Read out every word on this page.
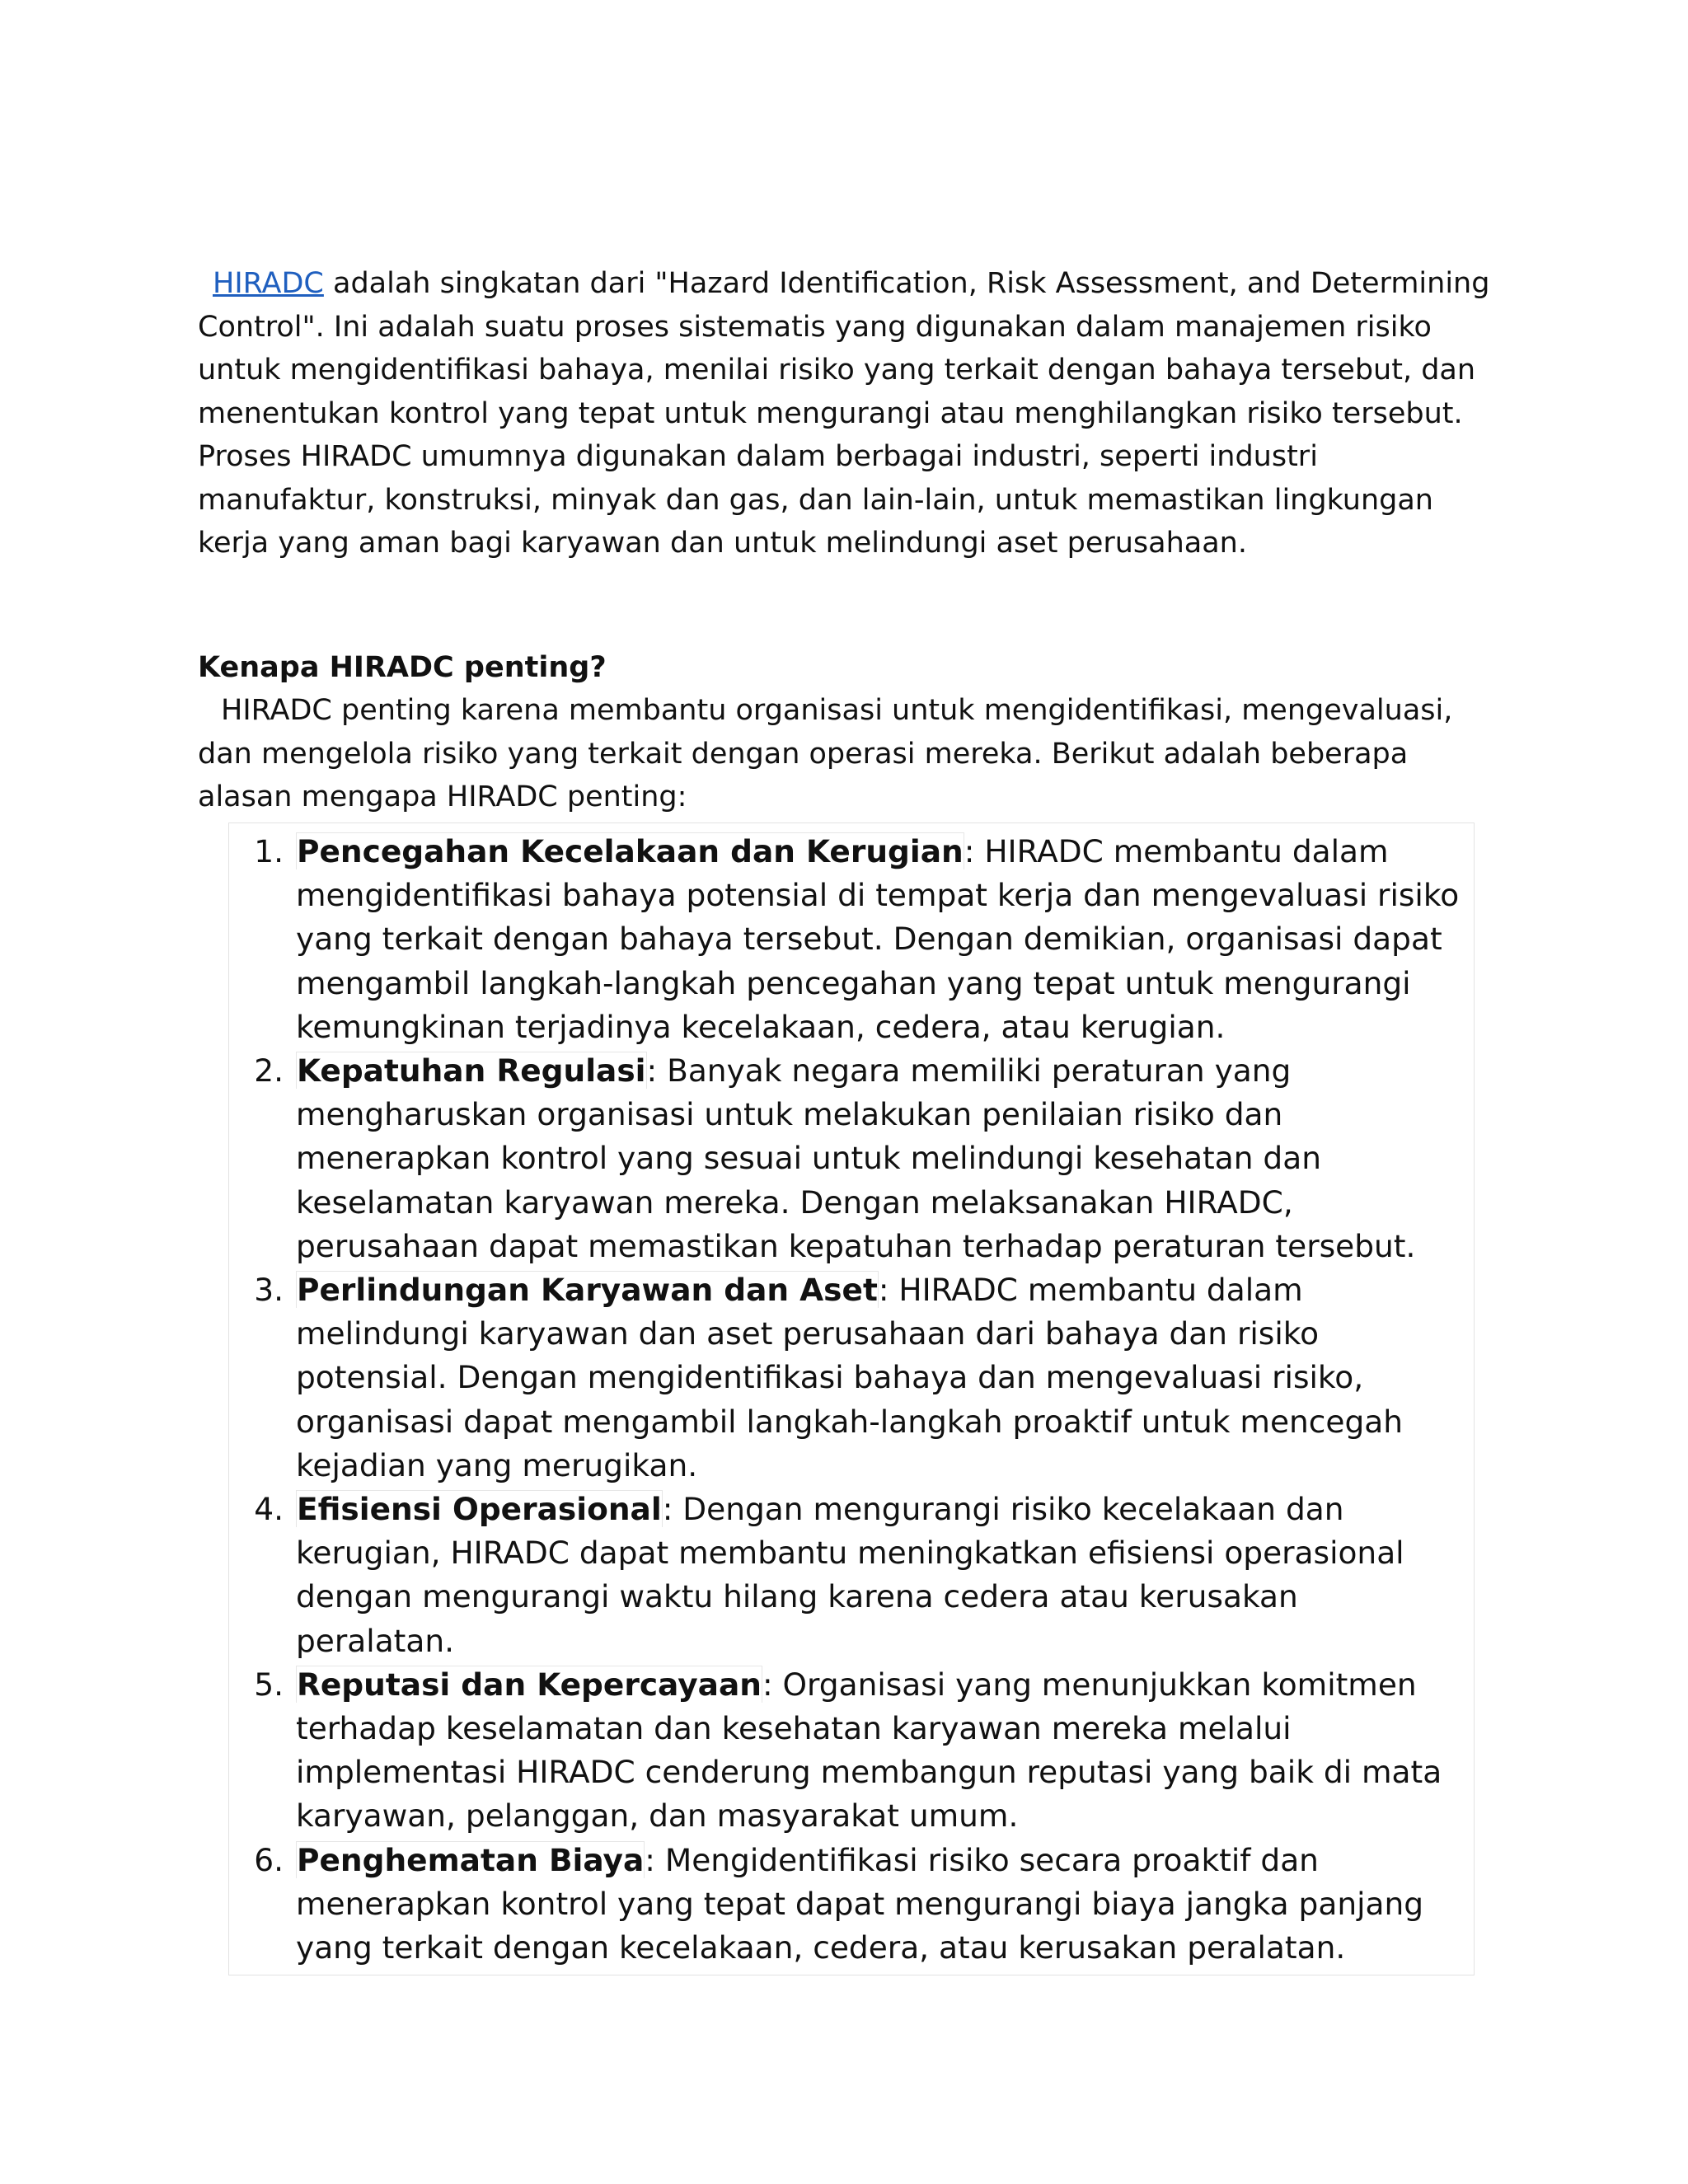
HIRADC adalah singkatan dari "Hazard Identification, Risk Assessment, and Determining Control". Ini adalah suatu proses sistematis yang digunakan dalam manajemen risiko untuk mengidentifikasi bahaya, menilai risiko yang terkait dengan bahaya tersebut, dan menentukan kontrol yang tepat untuk mengurangi atau menghilangkan risiko tersebut. Proses HIRADC umumnya digunakan dalam berbagai industri, seperti industri manufaktur, konstruksi, minyak dan gas, dan lain-lain, untuk memastikan lingkungan kerja yang aman bagi karyawan dan untuk melindungi aset perusahaan.

Kenapa HIRADC penting?

HIRADC penting karena membantu organisasi untuk mengidentifikasi, mengevaluasi, dan mengelola risiko yang terkait dengan operasi mereka. Berikut adalah beberapa alasan mengapa HIRADC penting:

1. Pencegahan Kecelakaan dan Kerugian: HIRADC membantu dalam mengidentifikasi bahaya potensial di tempat kerja dan mengevaluasi risiko yang terkait dengan bahaya tersebut. Dengan demikian, organisasi dapat mengambil langkah-langkah pencegahan yang tepat untuk mengurangi kemungkinan terjadinya kecelakaan, cedera, atau kerugian.
2. Kepatuhan Regulasi: Banyak negara memiliki peraturan yang mengharuskan organisasi untuk melakukan penilaian risiko dan menerapkan kontrol yang sesuai untuk melindungi kesehatan dan keselamatan karyawan mereka. Dengan melaksanakan HIRADC, perusahaan dapat memastikan kepatuhan terhadap peraturan tersebut.
3. Perlindungan Karyawan dan Aset: HIRADC membantu dalam melindungi karyawan dan aset perusahaan dari bahaya dan risiko potensial. Dengan mengidentifikasi bahaya dan mengevaluasi risiko, organisasi dapat mengambil langkah-langkah proaktif untuk mencegah kejadian yang merugikan.
4. Efisiensi Operasional: Dengan mengurangi risiko kecelakaan dan kerugian, HIRADC dapat membantu meningkatkan efisiensi operasional dengan mengurangi waktu hilang karena cedera atau kerusakan peralatan.
5. Reputasi dan Kepercayaan: Organisasi yang menunjukkan komitmen terhadap keselamatan dan kesehatan karyawan mereka melalui implementasi HIRADC cenderung membangun reputasi yang baik di mata karyawan, pelanggan, dan masyarakat umum.
6. Penghematan Biaya: Mengidentifikasi risiko secara proaktif dan menerapkan kontrol yang tepat dapat mengurangi biaya jangka panjang yang terkait dengan kecelakaan, cedera, atau kerusakan peralatan.
